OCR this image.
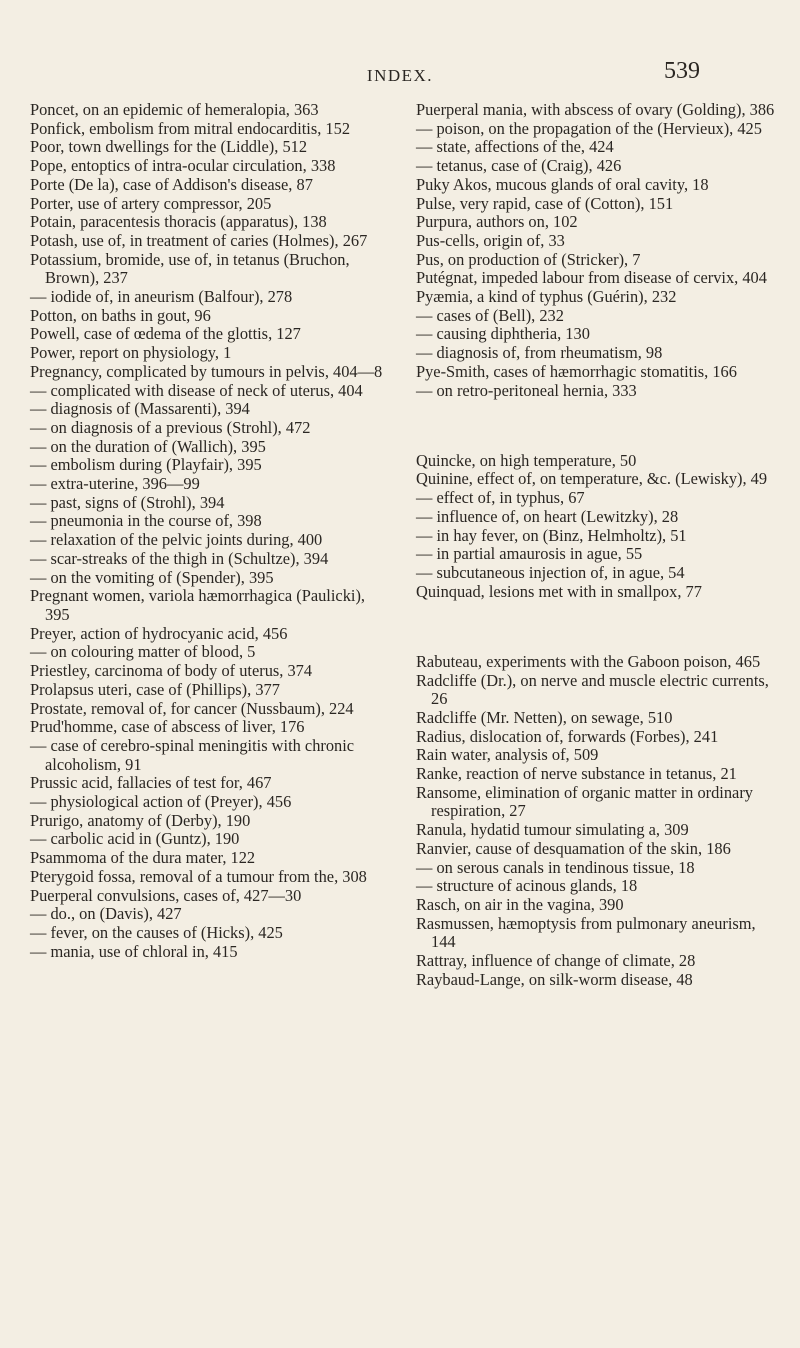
INDEX.	539

Poncet, on an epidemic of hemeralopia, 363

Ponfick, embolism from mitral endocarditis, 152

Poor, town dwellings for the (Liddle), 512

Pope, entoptics of intra-ocular circulation, 338

Porte (De la), case of Addison's disease, 87

Porter, use of artery compressor, 205

Potain, paracentesis thoracis (apparatus), 138

Potash, use of, in treatment of caries (Holmes), 267

Potassium, bromide, use of, in tetanus (Bruchon, Brown), 237

— iodide of, in aneurism (Balfour), 278

Potton, on baths in gout, 96

Powell, case of œdema of the glottis, 127

Power, report on physiology, 1

Pregnancy, complicated by tumours in pelvis, 404—8

— complicated with disease of neck of uterus, 404

— diagnosis of (Massarenti), 394

— on diagnosis of a previous (Strohl), 472

— on the duration of (Wallich), 395

— embolism during (Playfair), 395

— extra-uterine, 396—99

— past, signs of (Strohl), 394

— pneumonia in the course of, 398

— relaxation of the pelvic joints during, 400

— scar-streaks of the thigh in (Schultze), 394

— on the vomiting of (Spender), 395

Pregnant women, variola hæmorrhagica (Paulicki), 395

Preyer, action of hydrocyanic acid, 456

— on colouring matter of blood, 5

Priestley, carcinoma of body of uterus, 374

Prolapsus uteri, case of (Phillips), 377

Prostate, removal of, for cancer (Nussbaum), 224

Prud'homme, case of abscess of liver, 176

— case of cerebro-spinal meningitis with chronic alcoholism, 91

Prussic acid, fallacies of test for, 467

— physiological action of (Preyer), 456

Prurigo, anatomy of (Derby), 190

— carbolic acid in (Guntz), 190

Psammoma of the dura mater, 122

Pterygoid fossa, removal of a tumour from the, 308

Puerperal convulsions, cases of, 427—30

— do., on (Davis), 427

— fever, on the causes of (Hicks), 425

— mania, use of chloral in, 415

Puerperal mania, with abscess of ovary (Golding), 386

— poison, on the propagation of the (Hervieux), 425

— state, affections of the, 424

— tetanus, case of (Craig), 426

Puky Akos, mucous glands of oral cavity, 18

Pulse, very rapid, case of (Cotton), 151

Purpura, authors on, 102

Pus-cells, origin of, 33

Pus, on production of (Stricker), 7

Putégnat, impeded labour from disease of cervix, 404

Pyæmia, a kind of typhus (Guérin), 232

— cases of (Bell), 232

— causing diphtheria, 130

— diagnosis of, from rheumatism, 98

Pye-Smith, cases of hæmorrhagic stomatitis, 166

— on retro-peritoneal hernia, 333

Quincke, on high temperature, 50

Quinine, effect of, on temperature, &c. (Lewisky), 49

— effect of, in typhus, 67

— influence of, on heart (Lewitzky), 28

— in hay fever, on (Binz, Helmholtz), 51

— in partial amaurosis in ague, 55

— subcutaneous injection of, in ague, 54

Quinquad, lesions met with in smallpox, 77

Rabuteau, experiments with the Gaboon poison, 465

Radcliffe (Dr.), on nerve and muscle electric currents, 26

Radcliffe (Mr. Netten), on sewage, 510

Radius, dislocation of, forwards (Forbes), 241

Rain water, analysis of, 509

Ranke, reaction of nerve substance in tetanus, 21

Ransome, elimination of organic matter in ordinary respiration, 27

Ranula, hydatid tumour simulating a, 309

Ranvier, cause of desquamation of the skin, 186

— on serous canals in tendinous tissue, 18

— structure of acinous glands, 18

Rasch, on air in the vagina, 390

Rasmussen, hæmoptysis from pulmonary aneurism, 144

Rattray, influence of change of climate, 28

Raybaud-Lange, on silk-worm disease, 48
